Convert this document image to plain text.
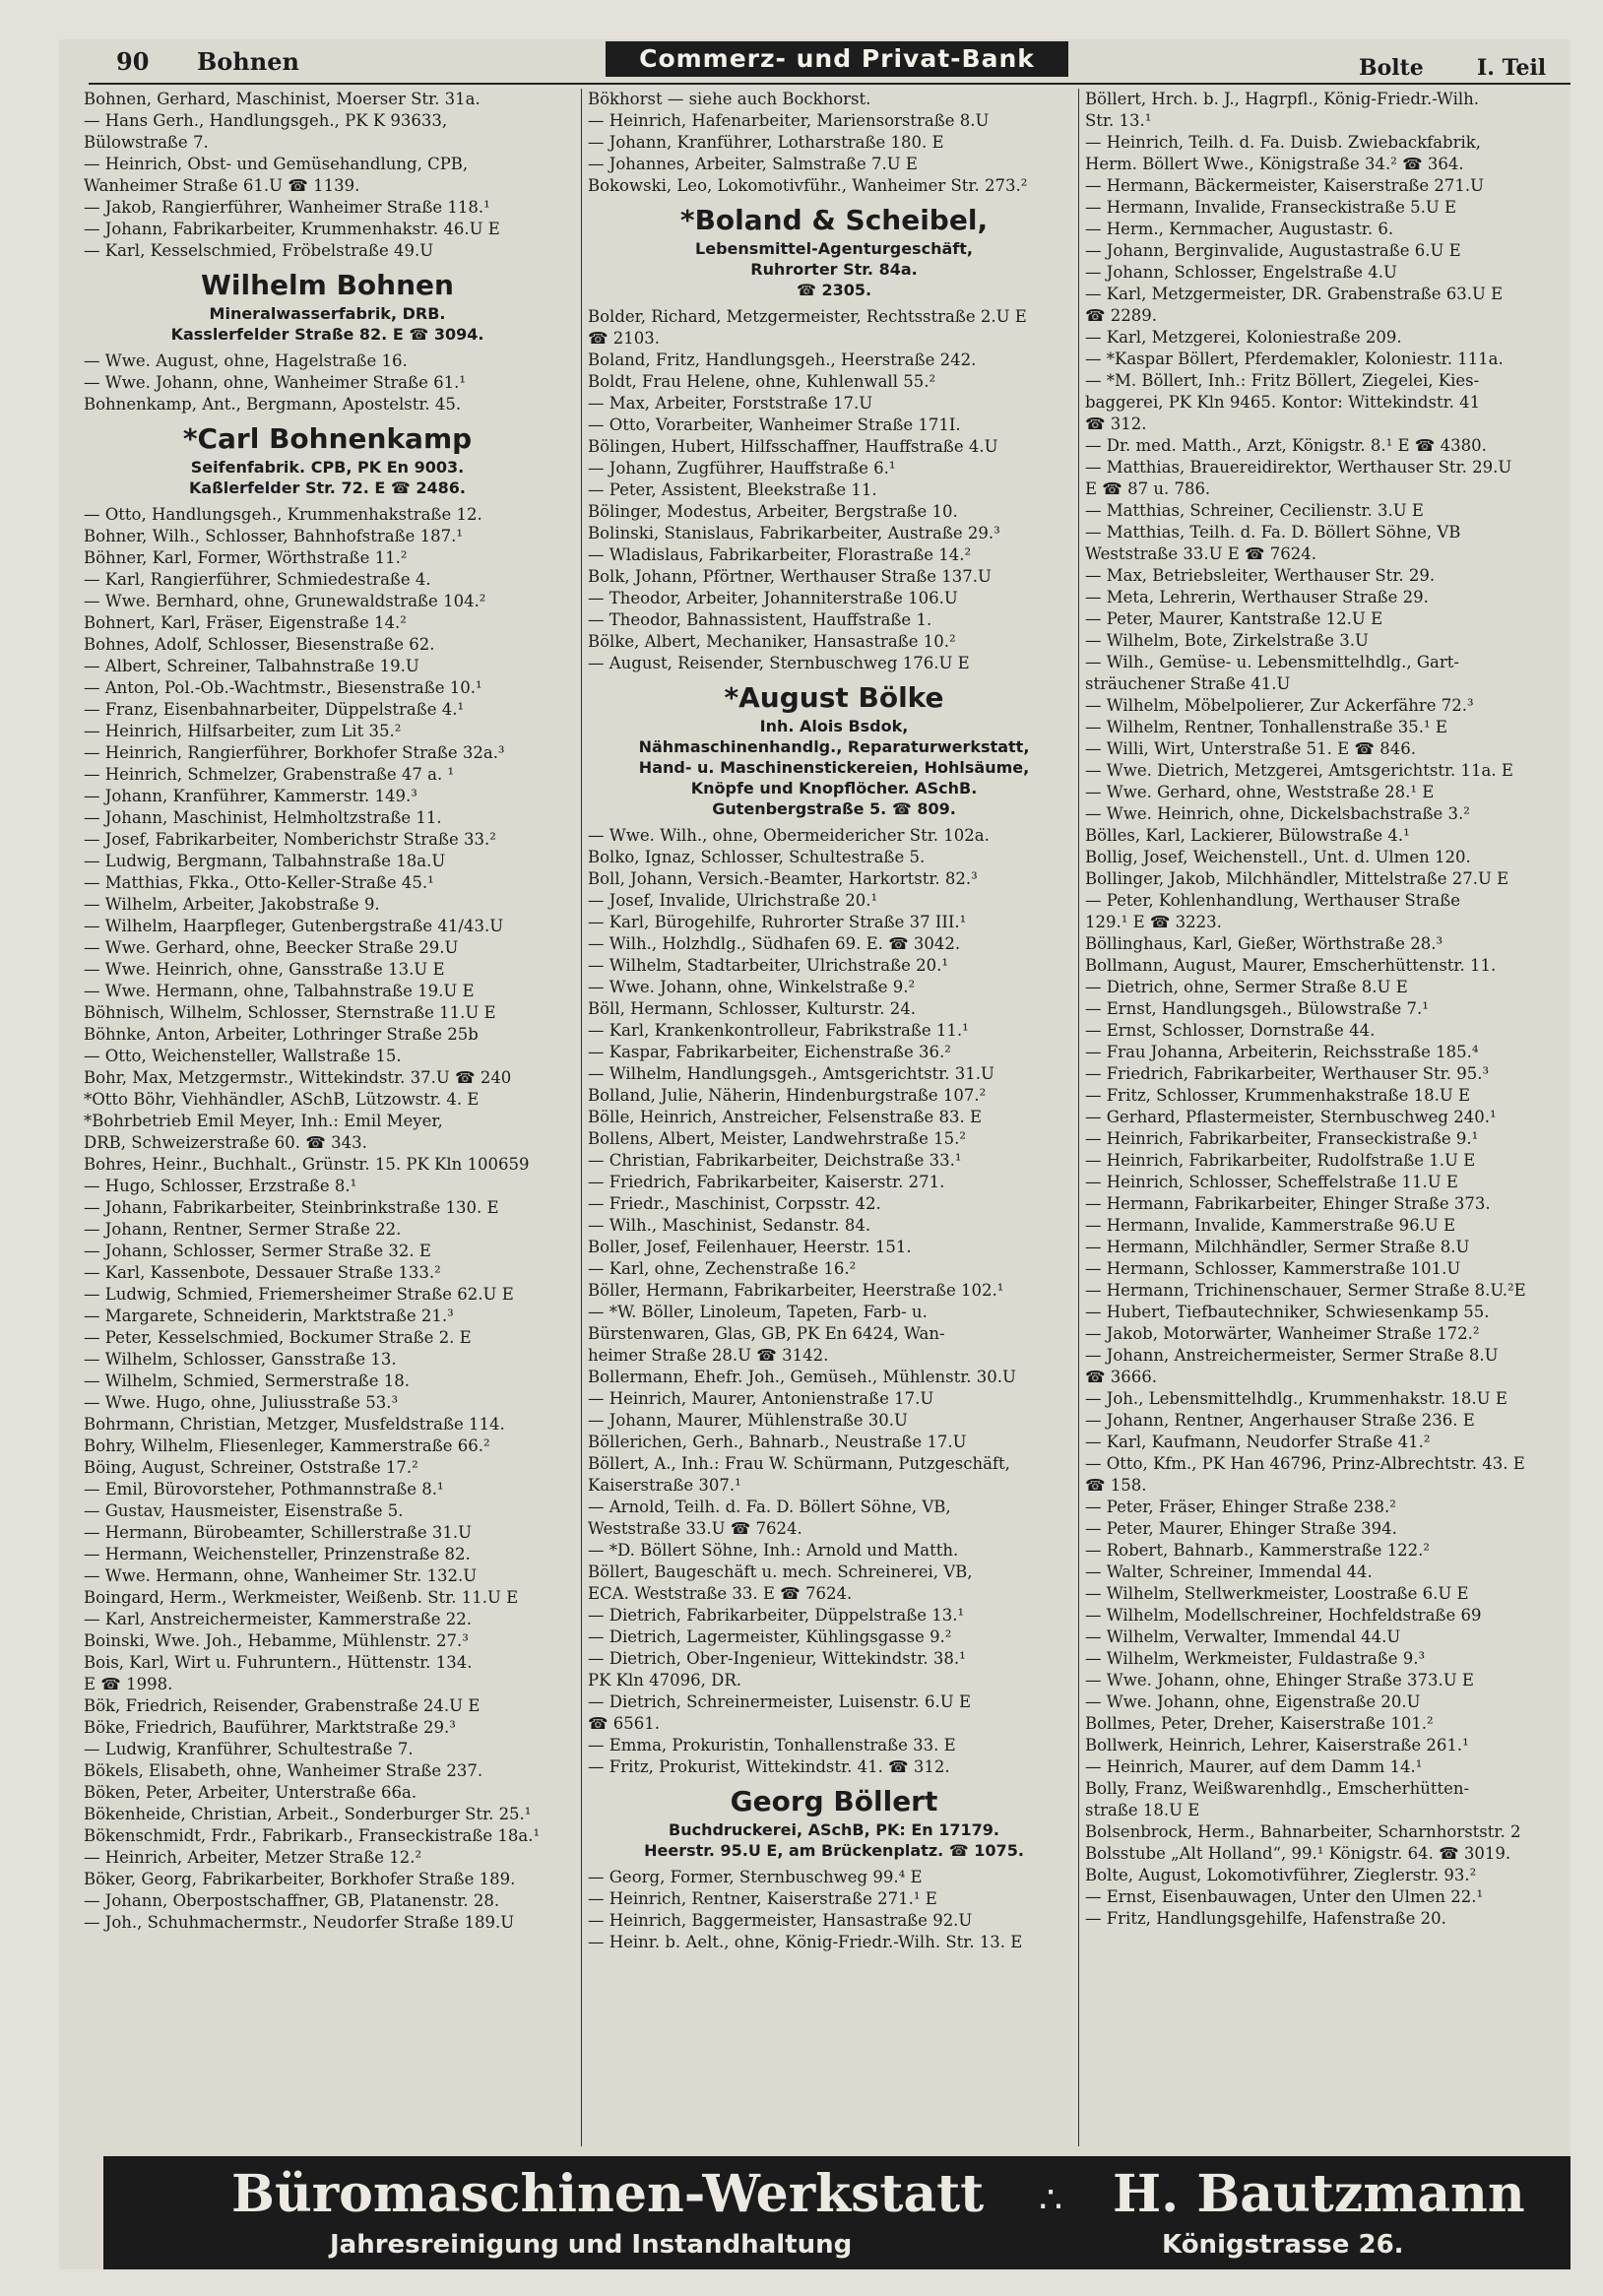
90 Bohnen	Commerz- und Privat-Bank	Bolte I. Teil
Bohnen, Gerhard, Maschinist, Moerser Str. 31a.
— Hans Gerh., Handlungsgeh., PK K 93633,
Bülowstraße 7.
— Heinrich, Obst- und Gemüsehandlung, CPB,
Wanheimer Straße 61.U ☎ 1139.
— Jakob, Rangierführer, Wanheimer Straße 118.¹
— Johann, Fabrikarbeiter, Krummenhakstr. 46.U E
— Karl, Kesselschmied, Fröbelstraße 49.U
Wilhelm Bohnen
Mineralwasserfabrik, DRB.
Kasslerfelder Straße 82. E ☎ 3094.
— Wwe. August, ohne, Hagelstraße 16.
— Wwe. Johann, ohne, Wanheimer Straße 61.¹
Bohnenkamp, Ant., Bergmann, Apostelstr. 45.
*Carl Bohnenkamp
Seifenfabrik. CPB, PK En 9003.
Kaßlerfelder Str. 72. E ☎ 2486.
— Otto, Handlungsgeh., Krummenhakstraße 12.
Bohner, Wilh., Schlosser, Bahnhofstraße 187.¹
Böhner, Karl, Former, Wörthstraße 11.²
— Karl, Rangierführer, Schmiedestraße 4.
— Wwe. Bernhard, ohne, Grunewaldstraße 104.²
Bohnert, Karl, Fräser, Eigenstraße 14.²
Bohnes, Adolf, Schlosser, Biesenstraße 62.
— Albert, Schreiner, Talbahnstraße 19.U
— Anton, Pol.-Ob.-Wachtmstr., Biesenstraße 10.¹
— Franz, Eisenbahnarbeiter, Düppelstraße 4.¹
— Heinrich, Hilfsarbeiter, zum Lit 35.²
— Heinrich, Rangierführer, Borkhofer Straße 32a.³
— Heinrich, Schmelzer, Grabenstraße 47 a. ¹
— Johann, Kranführer, Kammerstr. 149.³
— Johann, Maschinist, Helmholtzstraße 11.
— Josef, Fabrikarbeiter, Nomberichstr Straße 33.²
— Ludwig, Bergmann, Talbahnstraße 18a.U
— Matthias, Fkka., Otto-Keller-Straße 45.¹
— Wilhelm, Arbeiter, Jakobstraße 9.
— Wilhelm, Haarpfleger, Gutenbergstraße 41/43.U
— Wwe. Gerhard, ohne, Beecker Straße 29.U
— Wwe. Heinrich, ohne, Gansstraße 13.U E
— Wwe. Hermann, ohne, Talbahnstraße 19.U E
Böhnisch, Wilhelm, Schlosser, Sternstraße 11.U E
Böhnke, Anton, Arbeiter, Lothringer Straße 25b
— Otto, Weichensteller, Wallstraße 15.
Bohr, Max, Metzgermstr., Wittekindstr. 37.U ☎ 240
*Otto Böhr, Viehhändler, ASchB, Lützowstr. 4. E
*Bohrbetrieb Emil Meyer, Inh.: Emil Meyer,
DRB, Schweizerstraße 60. ☎ 343.
Bohres, Heinr., Buchhalt., Grünstr. 15. PK Kln 100659
— Hugo, Schlosser, Erzstraße 8.¹
— Johann, Fabrikarbeiter, Steinbrinkstraße 130. E
— Johann, Rentner, Sermer Straße 22.
— Johann, Schlosser, Sermer Straße 32. E
— Karl, Kassenbote, Dessauer Straße 133.²
— Ludwig, Schmied, Friemersheimer Straße 62.U E
— Margarete, Schneiderin, Marktstraße 21.³
— Peter, Kesselschmied, Bockumer Straße 2. E
— Wilhelm, Schlosser, Gansstraße 13.
— Wilhelm, Schmied, Sermerstraße 18.
— Wwe. Hugo, ohne, Juliusstraße 53.³
Bohrmann, Christian, Metzger, Musfeldstraße 114.
Bohry, Wilhelm, Fliesenleger, Kammerstraße 66.²
Böing, August, Schreiner, Oststraße 17.²
— Emil, Bürovorsteher, Pothmannstraße 8.¹
— Gustav, Hausmeister, Eisenstraße 5.
— Hermann, Bürobeamter, Schillerstraße 31.U
— Hermann, Weichensteller, Prinzenstraße 82.
— Wwe. Hermann, ohne, Wanheimer Str. 132.U
Boingard, Herm., Werkmeister, Weißenb. Str. 11.U E
— Karl, Anstreichermeister, Kammerstraße 22.
Boinski, Wwe. Joh., Hebamme, Mühlenstr. 27.³
Bois, Karl, Wirt u. Fuhruntern., Hüttenstr. 134.
E ☎ 1998.
Bök, Friedrich, Reisender, Grabenstraße 24.U E
Böke, Friedrich, Bauführer, Marktstraße 29.³
— Ludwig, Kranführer, Schultestraße 7.
Bökels, Elisabeth, ohne, Wanheimer Straße 237.
Böken, Peter, Arbeiter, Unterstraße 66a.
Bökenheide, Christian, Arbeit., Sonderburger Str. 25.¹
Bökenschmidt, Frdr., Fabrikarb., Franseckistraße 18a.¹
— Heinrich, Arbeiter, Metzer Straße 12.²
Böker, Georg, Fabrikarbeiter, Borkhofer Straße 189.
— Johann, Oberpostschaffner, GB, Platanenstr. 28.
— Joh., Schuhmachermstr., Neudorfer Straße 189.U
Bökhorst — siehe auch Bockhorst.
— Heinrich, Hafenarbeiter, Mariensorstraße 8.U
— Johann, Kranführer, Lotharstraße 180. E
— Johannes, Arbeiter, Salmstraße 7.U E
Bokowski, Leo, Lokomotivführ., Wanheimer Str. 273.²
*Boland & Scheibel,
Lebensmittel-Agenturgeschäft,
Ruhrorter Str. 84a.
☎ 2305.
Bolder, Richard, Metzgermeister, Rechtsstraße 2.U E
☎ 2103.
Boland, Fritz, Handlungsgeh., Heerstraße 242.
Boldt, Frau Helene, ohne, Kuhlenwall 55.²
— Max, Arbeiter, Forststraße 17.U
— Otto, Vorarbeiter, Wanheimer Straße 171I.
Bölingen, Hubert, Hilfsschaffner, Hauffstraße 4.U
— Johann, Zugführer, Hauffstraße 6.¹
— Peter, Assistent, Bleekstraße 11.
Bölinger, Modestus, Arbeiter, Bergstraße 10.
Bolinski, Stanislaus, Fabrikarbeiter, Austraße 29.³
— Wladislaus, Fabrikarbeiter, Florastraße 14.²
Bolk, Johann, Pförtner, Werthauser Straße 137.U
— Theodor, Arbeiter, Johanniterstraße 106.U
— Theodor, Bahnassistent, Hauffstraße 1.
Bölke, Albert, Mechaniker, Hansastraße 10.²
— August, Reisender, Sternbuschweg 176.U E
*August Bölke
Inh. Alois Bsdok,
Nähmaschinenhandlg., Reparaturwerkstatt,
Hand- u. Maschinenstickereien, Hohlsäume,
Knöpfe und Knopflöcher. ASchB.
Gutenbergstraße 5. ☎ 809.
— Wwe. Wilh., ohne, Obermeidericher Str. 102a.
Bolko, Ignaz, Schlosser, Schultestraße 5.
Boll, Johann, Versich.-Beamter, Harkortstr. 82.³
— Josef, Invalide, Ulrichstraße 20.¹
— Karl, Bürogehilfe, Ruhrorter Straße 37 III.¹
— Wilh., Holzhdlg., Südhafen 69. E. ☎ 3042.
— Wilhelm, Stadtarbeiter, Ulrichstraße 20.¹
— Wwe. Johann, ohne, Winkelstraße 9.²
Böll, Hermann, Schlosser, Kulturstr. 24.
— Karl, Krankenkontrolleur, Fabrikstraße 11.¹
— Kaspar, Fabrikarbeiter, Eichenstraße 36.²
— Wilhelm, Handlungsgeh., Amtsgerichtstr. 31.U
Bolland, Julie, Näherin, Hindenburgstraße 107.²
Bölle, Heinrich, Anstreicher, Felsenstraße 83. E
Bollens, Albert, Meister, Landwehrstraße 15.²
— Christian, Fabrikarbeiter, Deichstraße 33.¹
— Friedrich, Fabrikarbeiter, Kaiserstr. 271.
— Friedr., Maschinist, Corpsstr. 42.
— Wilh., Maschinist, Sedanstr. 84.
Boller, Josef, Feilenhauer, Heerstr. 151.
— Karl, ohne, Zechenstraße 16.²
Böller, Hermann, Fabrikarbeiter, Heerstraße 102.¹
— *W. Böller, Linoleum, Tapeten, Farb- u.
Bürstenwaren, Glas, GB, PK En 6424, Wan-
heimer Straße 28.U ☎ 3142.
Bollermann, Ehefr. Joh., Gemüseh., Mühlenstr. 30.U
— Heinrich, Maurer, Antonienstraße 17.U
— Johann, Maurer, Mühlenstraße 30.U
Böllerichen, Gerh., Bahnarb., Neustraße 17.U
Böllert, A., Inh.: Frau W. Schürmann, Putzgeschäft,
Kaiserstraße 307.¹
— Arnold, Teilh. d. Fa. D. Böllert Söhne, VB,
Weststraße 33.U ☎ 7624.
— *D. Böllert Söhne, Inh.: Arnold und Matth.
Böllert, Baugeschäft u. mech. Schreinerei, VB,
ECA. Weststraße 33. E ☎ 7624.
— Dietrich, Fabrikarbeiter, Düppelstraße 13.¹
— Dietrich, Lagermeister, Kühlingsgasse 9.²
— Dietrich, Ober-Ingenieur, Wittekindstr. 38.¹
PK Kln 47096, DR.
— Dietrich, Schreinermeister, Luisenstr. 6.U E
☎ 6561.
— Emma, Prokuristin, Tonhallenstraße 33. E
— Fritz, Prokurist, Wittekindstr. 41. ☎ 312.
Georg Böllert
Buchdruckerei, ASchB, PK: En 17179.
Heerstr. 95.U E, am Brückenplatz. ☎ 1075.
— Georg, Former, Sternbuschweg 99.⁴ E
— Heinrich, Rentner, Kaiserstraße 271.¹ E
— Heinrich, Baggermeister, Hansastraße 92.U
— Heinr. b. Aelt., ohne, König-Friedr.-Wilh. Str. 13. E
Böllert, Hrch. b. J., Hagrpfl., König-Friedr.-Wilh.
Str. 13.¹
— Heinrich, Teilh. d. Fa. Duisb. Zwiebackfabrik,
Herm. Böllert Wwe., Königstraße 34.² ☎ 364.
— Hermann, Bäckermeister, Kaiserstraße 271.U
— Hermann, Invalide, Franseckistraße 5.U E
— Herm., Kernmacher, Augustastr. 6.
— Johann, Berginvalide, Augustastraße 6.U E
— Johann, Schlosser, Engelstraße 4.U
— Karl, Metzgermeister, DR. Grabenstraße 63.U E
☎ 2289.
— Karl, Metzgerei, Koloniestraße 209.
— *Kaspar Böllert, Pferdemakler, Koloniestr. 111a.
— *M. Böllert, Inh.: Fritz Böllert, Ziegelei, Kies-
baggerei, PK Kln 9465. Kontor: Wittekindstr. 41
☎ 312.
— Dr. med. Matth., Arzt, Königstr. 8.¹ E ☎ 4380.
— Matthias, Brauereidirektor, Werthauser Str. 29.U
E ☎ 87 u. 786.
— Matthias, Schreiner, Cecilienstr. 3.U E
— Matthias, Teilh. d. Fa. D. Böllert Söhne, VB
Weststraße 33.U E ☎ 7624.
— Max, Betriebsleiter, Werthauser Str. 29.
— Meta, Lehrerin, Werthauser Straße 29.
— Peter, Maurer, Kantstraße 12.U E
— Wilhelm, Bote, Zirkelstraße 3.U
— Wilh., Gemüse- u. Lebensmittelhdlg., Gart-
sträuchener Straße 41.U
— Wilhelm, Möbelpolierer, Zur Ackerfähre 72.³
— Wilhelm, Rentner, Tonhallenstraße 35.¹ E
— Willi, Wirt, Unterstraße 51. E ☎ 846.
— Wwe. Dietrich, Metzgerei, Amtsgerichtstr. 11a. E
— Wwe. Gerhard, ohne, Weststraße 28.¹ E
— Wwe. Heinrich, ohne, Dickelsbachstraße 3.²
Bölles, Karl, Lackierer, Bülowstraße 4.¹
Bollig, Josef, Weichenstell., Unt. d. Ulmen 120.
Bollinger, Jakob, Milchhändler, Mittelstraße 27.U E
— Peter, Kohlenhandlung, Werthauser Straße
129.¹ E ☎ 3223.
Böllinghaus, Karl, Gießer, Wörthstraße 28.³
Bollmann, August, Maurer, Emscherhüttenstr. 11.
— Dietrich, ohne, Sermer Straße 8.U E
— Ernst, Handlungsgeh., Bülowstraße 7.¹
— Ernst, Schlosser, Dornstraße 44.
— Frau Johanna, Arbeiterin, Reichsstraße 185.⁴
— Friedrich, Fabrikarbeiter, Werthauser Str. 95.³
— Fritz, Schlosser, Krummenhakstraße 18.U E
— Gerhard, Pflastermeister, Sternbuschweg 240.¹
— Heinrich, Fabrikarbeiter, Franseckistraße 9.¹
— Heinrich, Fabrikarbeiter, Rudolfstraße 1.U E
— Heinrich, Schlosser, Scheffelstraße 11.U E
— Hermann, Fabrikarbeiter, Ehinger Straße 373.
— Hermann, Invalide, Kammerstraße 96.U E
— Hermann, Milchhändler, Sermer Straße 8.U
— Hermann, Schlosser, Kammerstraße 101.U
— Hermann, Trichinenschauer, Sermer Straße 8.U.²E
— Hubert, Tiefbautechniker, Schwiesenkamp 55.
— Jakob, Motorwärter, Wanheimer Straße 172.²
— Johann, Anstreichermeister, Sermer Straße 8.U
☎ 3666.
— Joh., Lebensmittelhdlg., Krummenhakstr. 18.U E
— Johann, Rentner, Angerhauser Straße 236. E
— Karl, Kaufmann, Neudorfer Straße 41.²
— Otto, Kfm., PK Han 46796, Prinz-Albrechtstr. 43. E
☎ 158.
— Peter, Fräser, Ehinger Straße 238.²
— Peter, Maurer, Ehinger Straße 394.
— Robert, Bahnarb., Kammerstraße 122.²
— Walter, Schreiner, Immendal 44.
— Wilhelm, Stellwerkmeister, Loostraße 6.U E
— Wilhelm, Modellschreiner, Hochfeldstraße 69
— Wilhelm, Verwalter, Immendal 44.U
— Wilhelm, Werkmeister, Fuldastraße 9.³
— Wwe. Johann, ohne, Ehinger Straße 373.U E
— Wwe. Johann, ohne, Eigenstraße 20.U
Bollmes, Peter, Dreher, Kaiserstraße 101.²
Bollwerk, Heinrich, Lehrer, Kaiserstraße 261.¹
— Heinrich, Maurer, auf dem Damm 14.¹
Bolly, Franz, Weißwarenhdlg., Emscherhütten-
straße 18.U E
Bolsenbrock, Herm., Bahnarbeiter, Scharnhorststr. 2
Bolsstube „Alt Holland“, 99.¹ Königstr. 64. ☎ 3019.
Bolte, August, Lokomotivführer, Zieglerstr. 93.²
— Ernst, Eisenbauwagen, Unter den Ulmen 22.¹
— Fritz, Handlungsgehilfe, Hafenstraße 20.
Büromaschinen-Werkstatt ∴ H. Bautzmann
Jahresreinigung und Instandhaltung	Königstrasse 26.
